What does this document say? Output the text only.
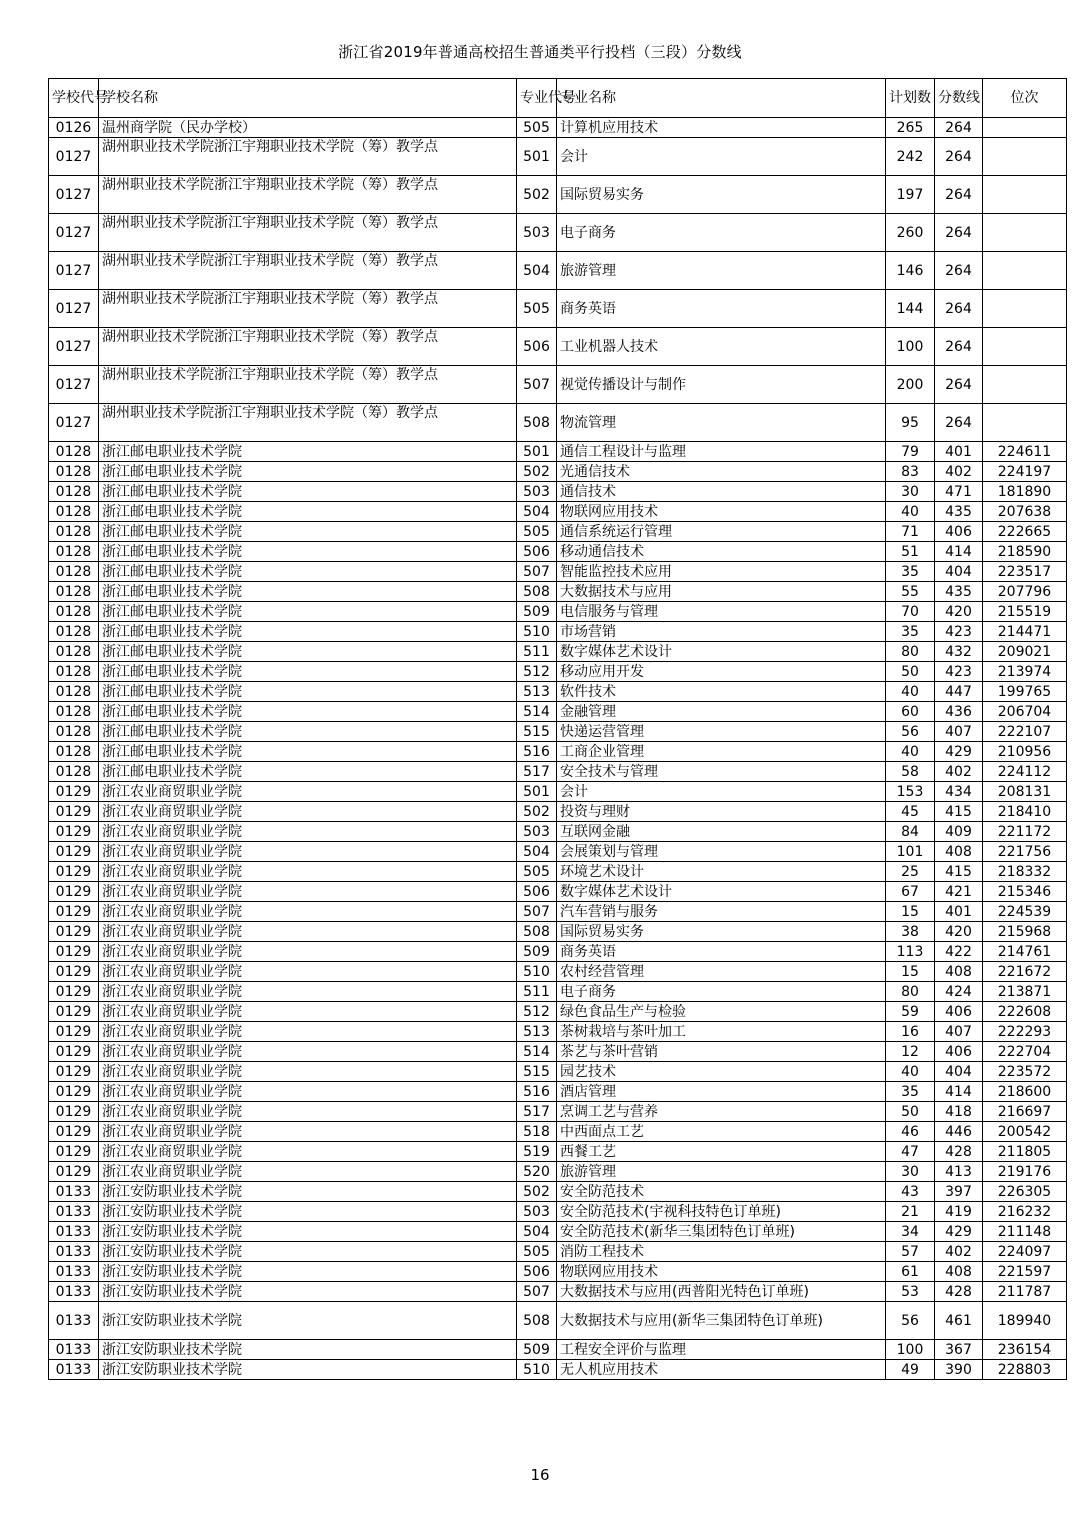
浙江省2019年普通高校招生普通类平行投档（三段）分数线
学校代号	学校名称	专业代号	专业名称	计划数	分数线	位次
0126	温州商学院（民办学校）	505	计算机应用技术	265	264	
0127	湖州职业技术学院浙江宇翔职业技术学院（筹）教学点	501	会计	242	264	
0127	湖州职业技术学院浙江宇翔职业技术学院（筹）教学点	502	国际贸易实务	197	264	
0127	湖州职业技术学院浙江宇翔职业技术学院（筹）教学点	503	电子商务	260	264	
0127	湖州职业技术学院浙江宇翔职业技术学院（筹）教学点	504	旅游管理	146	264	
0127	湖州职业技术学院浙江宇翔职业技术学院（筹）教学点	505	商务英语	144	264	
0127	湖州职业技术学院浙江宇翔职业技术学院（筹）教学点	506	工业机器人技术	100	264	
0127	湖州职业技术学院浙江宇翔职业技术学院（筹）教学点	507	视觉传播设计与制作	200	264	
0127	湖州职业技术学院浙江宇翔职业技术学院（筹）教学点	508	物流管理	95	264	
0128	浙江邮电职业技术学院	501	通信工程设计与监理	79	401	224611
0128	浙江邮电职业技术学院	502	光通信技术	83	402	224197
0128	浙江邮电职业技术学院	503	通信技术	30	471	181890
0128	浙江邮电职业技术学院	504	物联网应用技术	40	435	207638
0128	浙江邮电职业技术学院	505	通信系统运行管理	71	406	222665
0128	浙江邮电职业技术学院	506	移动通信技术	51	414	218590
0128	浙江邮电职业技术学院	507	智能监控技术应用	35	404	223517
0128	浙江邮电职业技术学院	508	大数据技术与应用	55	435	207796
0128	浙江邮电职业技术学院	509	电信服务与管理	70	420	215519
0128	浙江邮电职业技术学院	510	市场营销	35	423	214471
0128	浙江邮电职业技术学院	511	数字媒体艺术设计	80	432	209021
0128	浙江邮电职业技术学院	512	移动应用开发	50	423	213974
0128	浙江邮电职业技术学院	513	软件技术	40	447	199765
0128	浙江邮电职业技术学院	514	金融管理	60	436	206704
0128	浙江邮电职业技术学院	515	快递运营管理	56	407	222107
0128	浙江邮电职业技术学院	516	工商企业管理	40	429	210956
0128	浙江邮电职业技术学院	517	安全技术与管理	58	402	224112
0129	浙江农业商贸职业学院	501	会计	153	434	208131
0129	浙江农业商贸职业学院	502	投资与理财	45	415	218410
0129	浙江农业商贸职业学院	503	互联网金融	84	409	221172
0129	浙江农业商贸职业学院	504	会展策划与管理	101	408	221756
0129	浙江农业商贸职业学院	505	环境艺术设计	25	415	218332
0129	浙江农业商贸职业学院	506	数字媒体艺术设计	67	421	215346
0129	浙江农业商贸职业学院	507	汽车营销与服务	15	401	224539
0129	浙江农业商贸职业学院	508	国际贸易实务	38	420	215968
0129	浙江农业商贸职业学院	509	商务英语	113	422	214761
0129	浙江农业商贸职业学院	510	农村经营管理	15	408	221672
0129	浙江农业商贸职业学院	511	电子商务	80	424	213871
0129	浙江农业商贸职业学院	512	绿色食品生产与检验	59	406	222608
0129	浙江农业商贸职业学院	513	茶树栽培与茶叶加工	16	407	222293
0129	浙江农业商贸职业学院	514	茶艺与茶叶营销	12	406	222704
0129	浙江农业商贸职业学院	515	园艺技术	40	404	223572
0129	浙江农业商贸职业学院	516	酒店管理	35	414	218600
0129	浙江农业商贸职业学院	517	烹调工艺与营养	50	418	216697
0129	浙江农业商贸职业学院	518	中西面点工艺	46	446	200542
0129	浙江农业商贸职业学院	519	西餐工艺	47	428	211805
0129	浙江农业商贸职业学院	520	旅游管理	30	413	219176
0133	浙江安防职业技术学院	502	安全防范技术	43	397	226305
0133	浙江安防职业技术学院	503	安全防范技术(宇视科技特色订单班)	21	419	216232
0133	浙江安防职业技术学院	504	安全防范技术(新华三集团特色订单班)	34	429	211148
0133	浙江安防职业技术学院	505	消防工程技术	57	402	224097
0133	浙江安防职业技术学院	506	物联网应用技术	61	408	221597
0133	浙江安防职业技术学院	507	大数据技术与应用(西普阳光特色订单班)	53	428	211787
0133	浙江安防职业技术学院	508	大数据技术与应用(新华三集团特色订单班)	56	461	189940
0133	浙江安防职业技术学院	509	工程安全评价与监理	100	367	236154
0133	浙江安防职业技术学院	510	无人机应用技术	49	390	228803
16
